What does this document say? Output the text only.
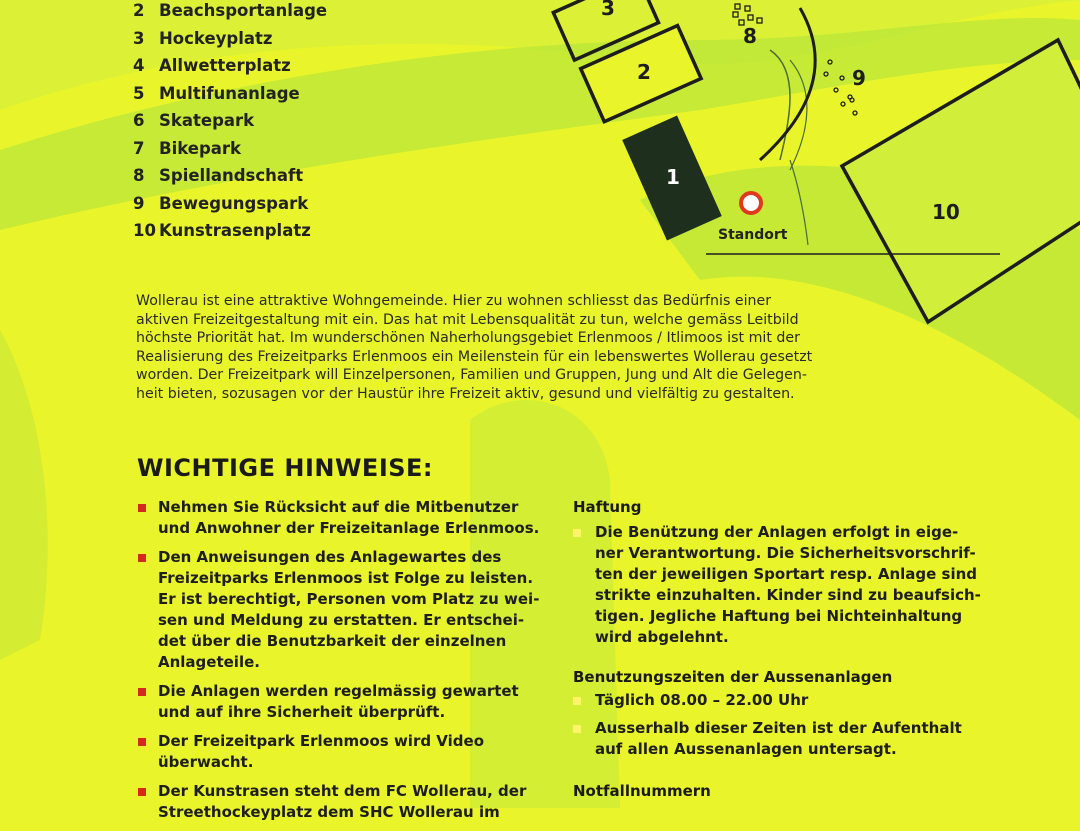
2 Beachsportanlage
3 Hockeyplatz
4 Allwetterplatz
5 Multifunanlage
6 Skatepark
7 Bikepark
8 Spiellandschaft
9 Bewegungspark
10 Kunstrasenplatz
3
2
1
8
9
10
Standort

Wollerau ist eine attraktive Wohngemeinde. Hier zu wohnen schliesst das Bedürfnis einer
aktiven Freizeitgestaltung mit ein. Das hat mit Lebensqualität zu tun, welche gemäss Leitbild
höchste Priorität hat. Im wunderschönen Naherholungsgebiet Erlenmoos / Itlimoos ist mit der
Realisierung des Freizeitparks Erlenmoos ein Meilenstein für ein lebenswertes Wollerau gesetzt
worden. Der Freizeitpark will Einzelpersonen, Familien und Gruppen, Jung und Alt die Gelegen-
heit bieten, sozusagen vor der Haustür ihre Freizeit aktiv, gesund und vielfältig zu gestalten.

WICHTIGE HINWEISE:
Nehmen Sie Rücksicht auf die Mitbenutzer
und Anwohner der Freizeitanlage Erlenmoos.
Den Anweisungen des Anlagewartes des
Freizeitparks Erlenmoos ist Folge zu leisten.
Er ist berechtigt, Personen vom Platz zu wei-
sen und Meldung zu erstatten. Er entschei-
det über die Benutzbarkeit der einzelnen
Anlageteile.
Die Anlagen werden regelmässig gewartet
und auf ihre Sicherheit überprüft.
Der Freizeitpark Erlenmoos wird Video
überwacht.
Der Kunstrasen steht dem FC Wollerau, der
Streethockeyplatz dem SHC Wollerau im
Haftung
Die Benützung der Anlagen erfolgt in eige-
ner Verantwortung. Die Sicherheitsvorschrif-
ten der jeweiligen Sportart resp. Anlage sind
strikte einzuhalten. Kinder sind zu beaufsich-
tigen. Jegliche Haftung bei Nichteinhaltung
wird abgelehnt.
Benutzungszeiten der Aussenanlagen
Täglich 08.00 – 22.00 Uhr
Ausserhalb dieser Zeiten ist der Aufenthalt
auf allen Aussenanlagen untersagt.
Notfallnummern
